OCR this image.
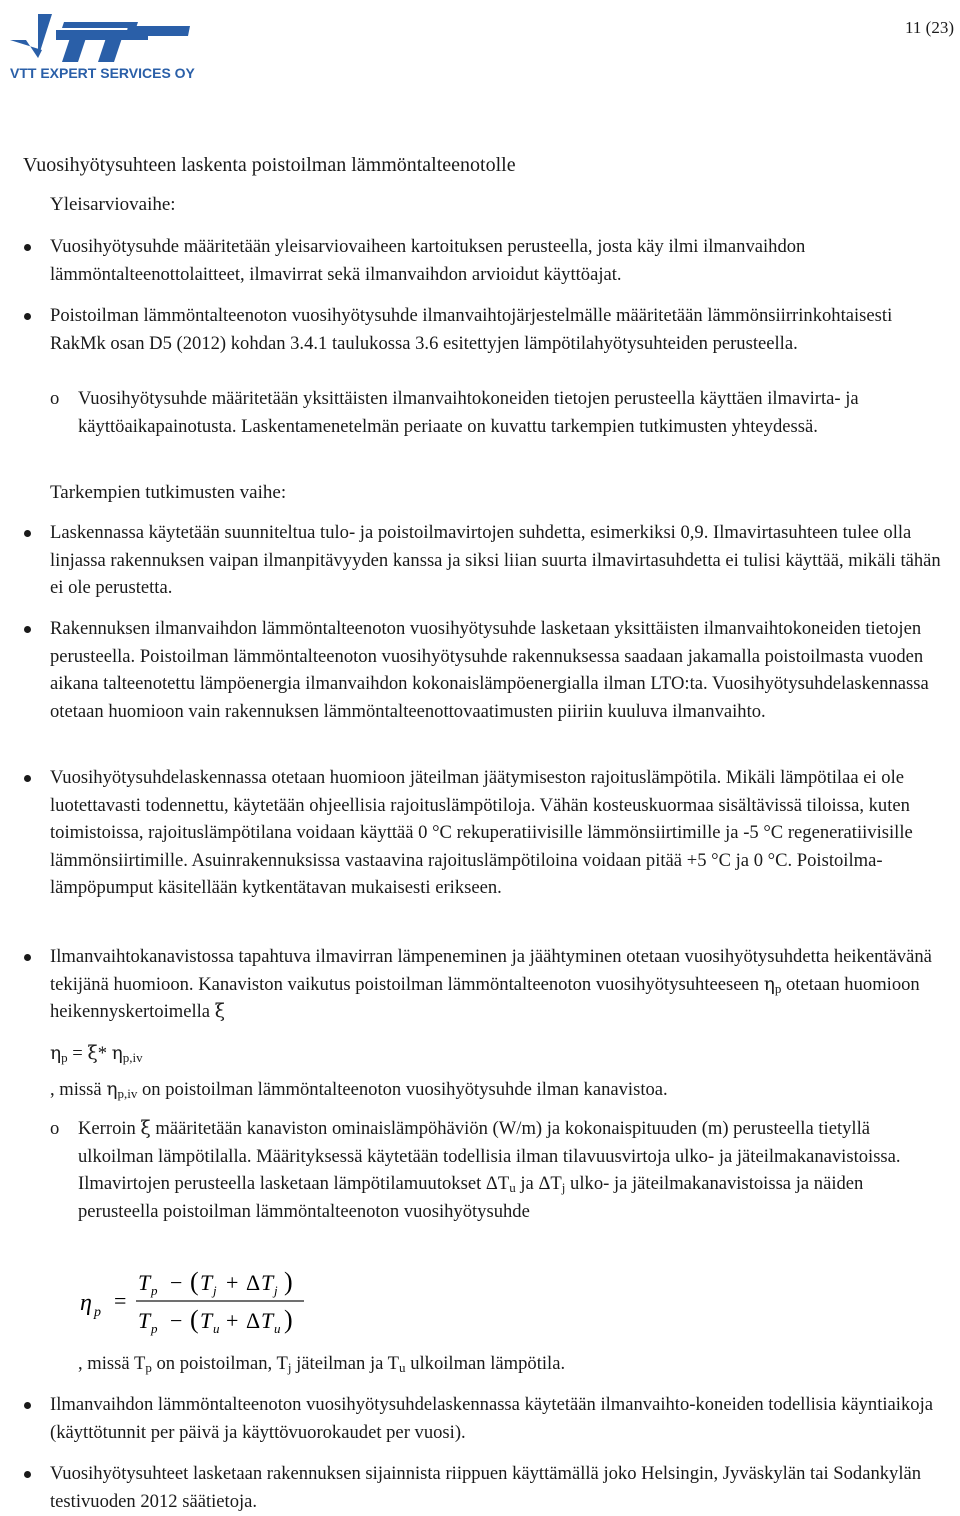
VTT EXPERT SERVICES OY
11 (23)
Vuosihyötysuhteen laskenta poistoilman lämmöntalteenotolle
Yleisarviovaihe:
Vuosihyötysuhde määritetään yleisarviovaiheen kartoituksen perusteella, josta käy ilmi ilmanvaihdon lämmöntalteenottolaitteet, ilmavirrat sekä ilmanvaihdon arvioidut käyttöajat.
Poistoilman lämmöntalteenoton vuosihyötysuhde ilmanvaihtojärjestelmälle määritetään lämmönsiirrinkohtaisesti RakMk osan D5 (2012) kohdan 3.4.1 taulukossa 3.6 esitettyjen lämpötilahyötysuhteiden perusteella.
o	Vuosihyötysuhde määritetään yksittäisten ilmanvaihtokoneiden tietojen perusteella käyttäen ilmavirta- ja käyttöaikapainotusta. Laskentamenetelmän periaate on kuvattu tarkempien tutkimusten yhteydessä.
Tarkempien tutkimusten vaihe:
Laskennassa käytetään suunniteltua tulo- ja poistoilmavirtojen suhdetta, esimerkiksi 0,9. Ilmavirtasuhteen tulee olla linjassa rakennuksen vaipan ilmanpitävyyden kanssa ja siksi liian suurta ilmavirtasuhdetta ei tulisi käyttää, mikäli tähän ei ole perustetta.
Rakennuksen ilmanvaihdon lämmöntalteenoton vuosihyötysuhde lasketaan yksittäisten ilmanvaihtokoneiden tietojen perusteella. Poistoilman lämmöntalteenoton vuosihyötysuhde rakennuksessa saadaan jakamalla poistoilmasta vuoden aikana talteenotettu lämpöenergia ilmanvaihdon kokonaislämpöenergialla ilman LTO:ta. Vuosihyötysuhdelaskennassa otetaan huomioon vain rakennuksen lämmöntalteenottovaatimusten piiriin kuuluva ilmanvaihto.
Vuosihyötysuhdelaskennassa otetaan huomioon jäteilman jäätymiseston rajoituslämpötila. Mikäli lämpötilaa ei ole luotettavasti todennettu, käytetään ohjeellisia rajoituslämpötiloja. Vähän kosteuskuormaa sisältävissä tiloissa, kuten toimistoissa, rajoituslämpötilana voidaan käyttää 0 °C rekuperatiivisille lämmönsiirtimille ja -5 °C regeneratiivisille lämmönsiirtimille. Asuinrakennuksissa vastaavina rajoituslämpötiloina voidaan pitää +5 °C ja 0 °C. Poistoilma-lämpöpumput käsitellään kytkentätavan mukaisesti erikseen.
Ilmanvaihtokanavistossa tapahtuva ilmavirran lämpeneminen ja jäähtyminen otetaan vuosihyötysuhdetta heikentävänä tekijänä huomioon. Kanaviston vaikutus poistoilman lämmöntalteenoton vuosihyötysuhteeseen $\eta_p$ otetaan huomioon heikennyskertoimella ξ
$\eta_p = \xi*$ $\eta_{p,iv}$
, missä $\eta_{p,iv}$ on poistoilman lämmöntalteenoton vuosihyötysuhde ilman kanavistoa.
o	Kerroin ξ määritetään kanaviston ominaislämpöhäviön (W/m) ja kokonaispituuden (m) perusteella tietyllä ulkoilman lämpötilalla. Määrityksessä käytetään todellisia ilman tilavuusvirtoja ulko- ja jäteilmakanavistoissa. Ilmavirtojen perusteella lasketaan lämpötilamuutokset $\Delta T_u$ ja $\Delta T_j$ ulko- ja jäteilmakanavistoissa ja näiden perusteella poistoilman lämmöntalteenoton vuosihyötysuhde
η p =
T p − ( T j + Δ T j )
T p − ( T u + Δ T u )
, missä $T_p$ on poistoilman, $T_j$ jäteilman ja $T_u$ ulkoilman lämpötila.
Ilmanvaihdon lämmöntalteenoton vuosihyötysuhdelaskennassa käytetään ilmanvaihto-koneiden todellisia käyntiaikoja (käyttötunnit per päivä ja käyttövuorokaudet per vuosi).
Vuosihyötysuhteet lasketaan rakennuksen sijainnista riippuen käyttämällä joko Helsingin, Jyväskylän tai Sodankylän testivuoden 2012 säätietoja.
